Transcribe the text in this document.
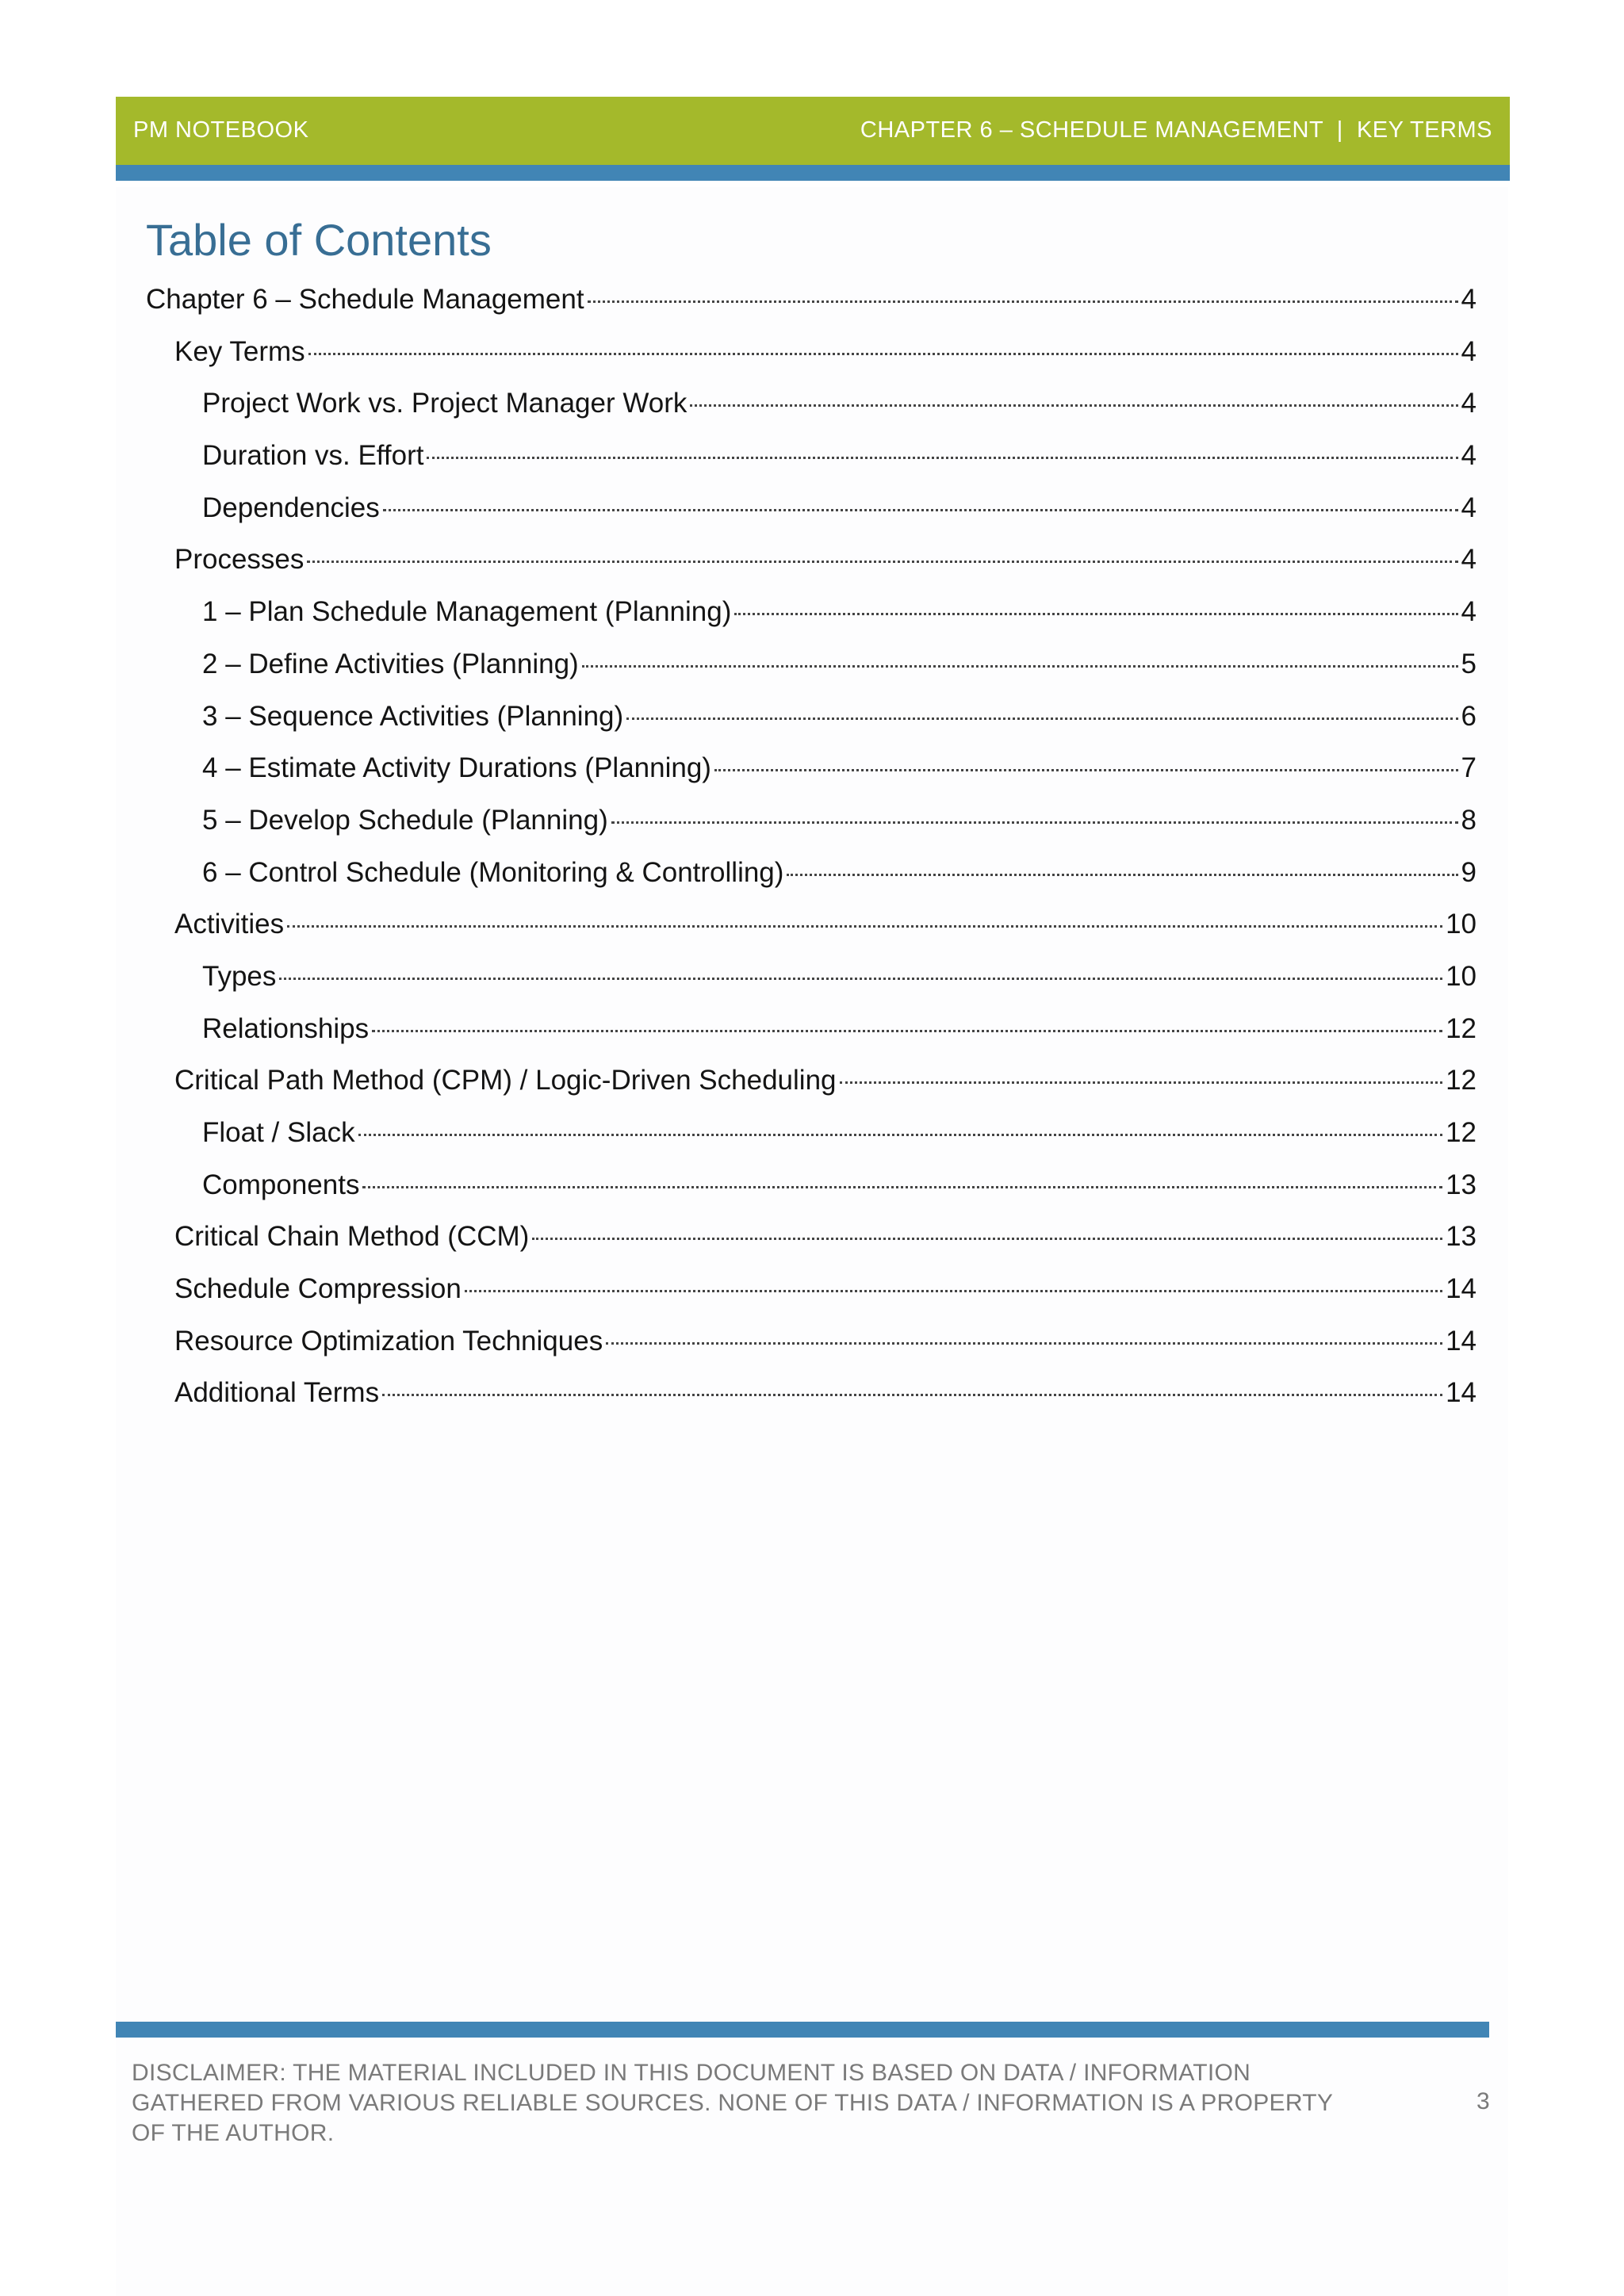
PM NOTEBOOK	CHAPTER 6 – SCHEDULE MANAGEMENT  |  KEY TERMS
Table of Contents
Chapter 6 – Schedule Management	4
Key Terms	4
Project Work vs. Project Manager Work	4
Duration vs. Effort	4
Dependencies	4
Processes	4
1 – Plan Schedule Management (Planning)	4
2 – Define Activities (Planning)	5
3 – Sequence Activities (Planning)	6
4 – Estimate Activity Durations (Planning)	7
5 – Develop Schedule (Planning)	8
6 – Control Schedule (Monitoring & Controlling)	9
Activities	10
Types	10
Relationships	12
Critical Path Method (CPM) / Logic-Driven Scheduling	12
Float / Slack	12
Components	13
Critical Chain Method (CCM)	13
Schedule Compression	14
Resource Optimization Techniques	14
Additional Terms	14
DISCLAIMER: THE MATERIAL INCLUDED IN THIS DOCUMENT IS BASED ON DATA / INFORMATION GATHERED FROM VARIOUS RELIABLE SOURCES. NONE OF THIS DATA / INFORMATION IS A PROPERTY OF THE AUTHOR.
3
